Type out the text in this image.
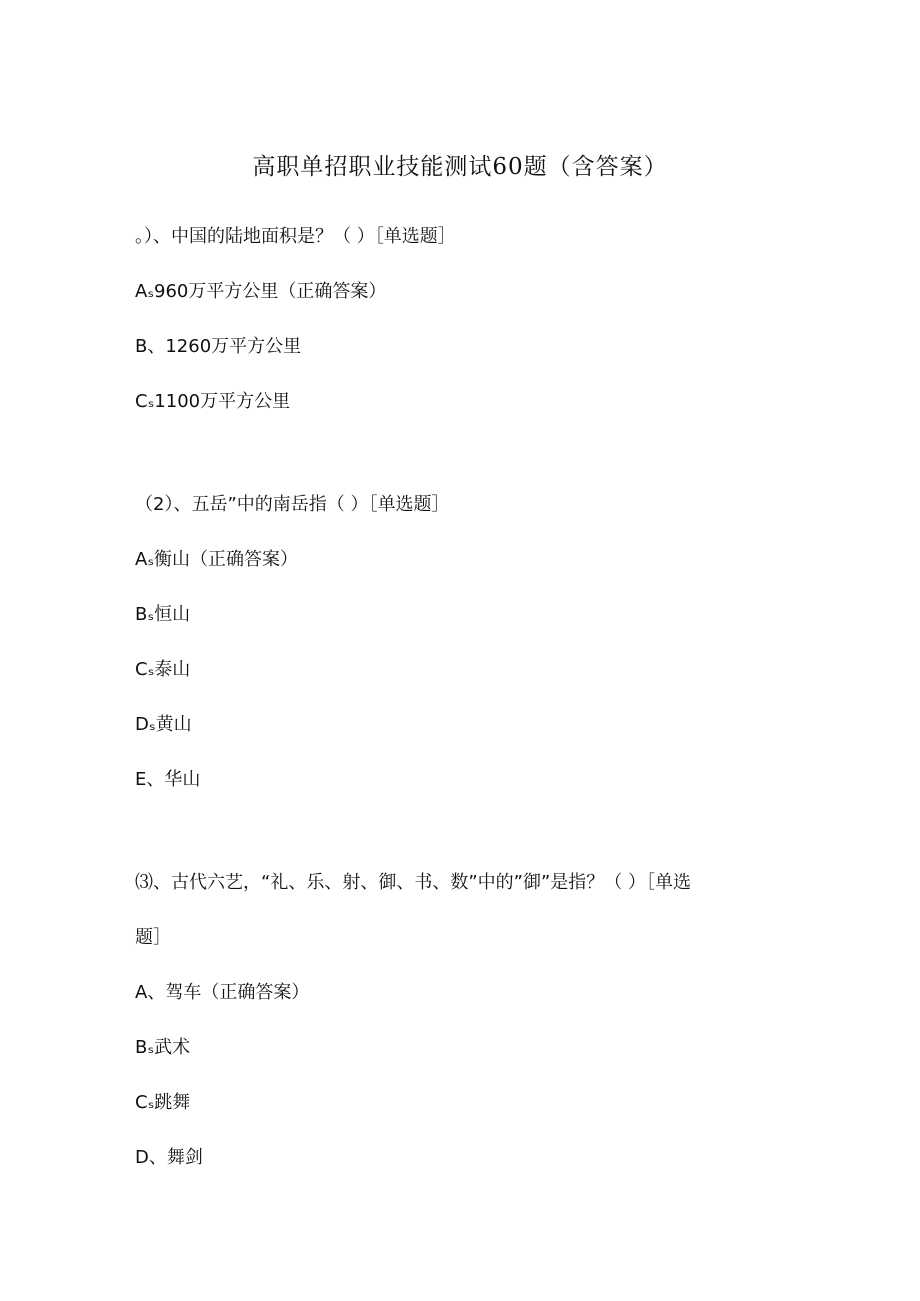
高职单招职业技能测试60题（含答案）
。）、中国的陆地面积是？（ ）［单选题］
Aₛ960万平方公里（正确答案）
B、1260万平方公里
Cₛ1100万平方公里
（2）、五岳”中的南岳指（ ）［单选题］
Aₛ衡山（正确答案）
Bₛ恒山
Cₛ泰山
Dₛ黄山
E、华山
⑶、古代六艺，“礼、乐、射、御、书、数”中的”御”是指？（ ）［单选
题］
A、驾车（正确答案）
Bₛ武术
Cₛ跳舞
D、舞剑
